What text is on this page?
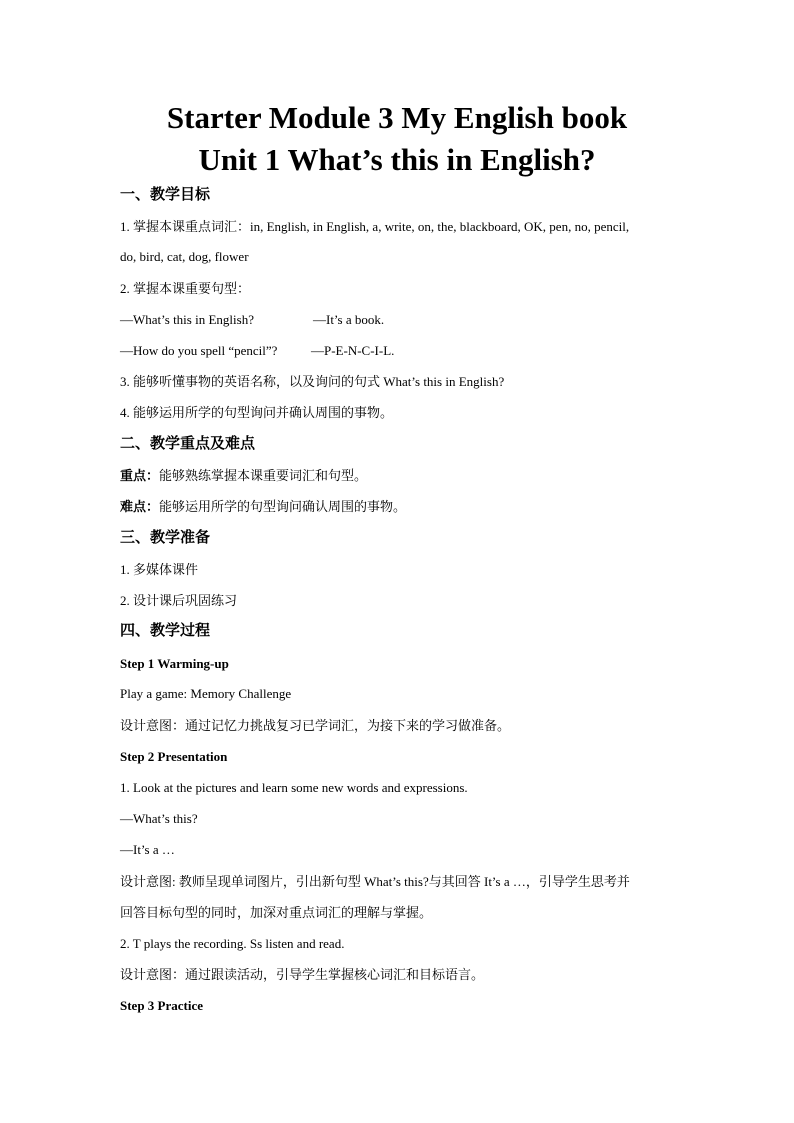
Starter Module 3 My English book
Unit 1 What’s this in English?
一、教学目标
1. 掌握本课重点词汇：in, English, in English, a, write, on, the, blackboard, OK, pen, no, pencil,
do, bird, cat, dog, flower
2. 掌握本课重要句型：
—What’s this in English?	—It’s a book.
—How do you spell “pencil”?	—P-E-N-C-I-L.
3. 能够听懂事物的英语名称，以及询问的句式 What’s this in English?
4. 能够运用所学的句型询问并确认周围的事物。
二、教学重点及难点
重点：能够熟练掌握本课重要词汇和句型。
难点：能够运用所学的句型询问确认周围的事物。
三、教学准备
1. 多媒体课件
2. 设计课后巩固练习
四、教学过程
Step 1 Warming-up
Play a game: Memory Challenge
设计意图：通过记忆力挑战复习已学词汇，为接下来的学习做准备。
Step 2 Presentation
1. Look at the pictures and learn some new words and expressions.
—What’s this?
—It’s a …
设计意图: 教师呈现单词图片，引出新句型 What’s this?与其回答 It’s a …，引导学生思考并
回答目标句型的同时，加深对重点词汇的理解与掌握。
2. T plays the recording. Ss listen and read.
设计意图：通过跟读活动，引导学生掌握核心词汇和目标语言。
Step 3 Practice
